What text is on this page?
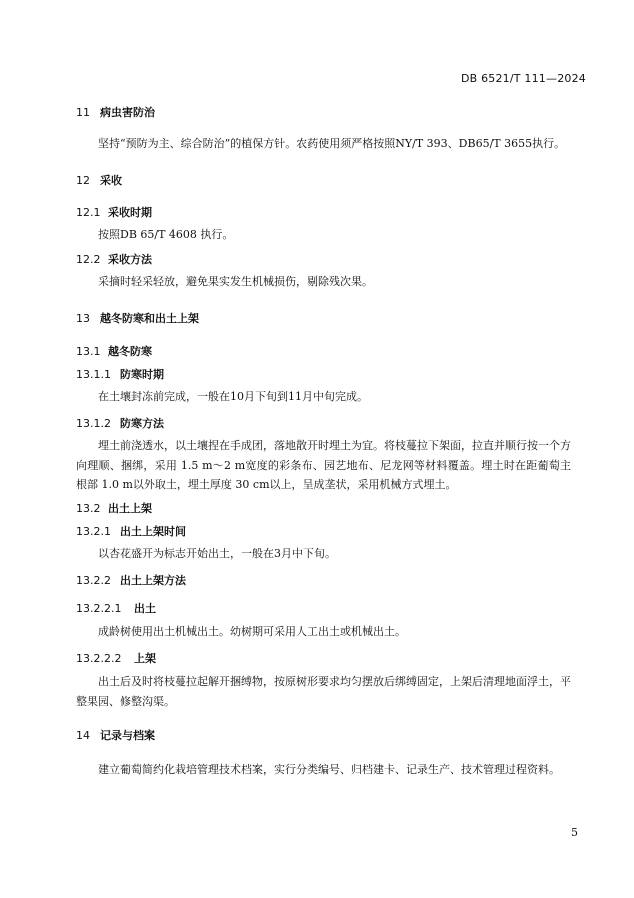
DB 6521/T 111—2024
11 病虫害防治

坚持“预防为主、综合防治”的植保方针。农药使用须严格按照NY/T 393、DB65/T 3655执行。

12 采收
12.1 采收时期

按照DB 65/T 4608 执行。

12.2 采收方法

采摘时轻采轻放，避免果实发生机械损伤，剔除残次果。

13 越冬防寒和出土上架
13.1 越冬防寒
13.1.1 防寒时期

在土壤封冻前完成，一般在10月下旬到11月中旬完成。

13.1.2 防寒方法

埋土前浇透水，以土壤捏在手成团，落地散开时埋土为宜。将枝蔓拉下架面，拉直并顺行按一个方向理顺、捆绑，采用 1.5 m～2 m宽度的彩条布、园艺地布、尼龙网等材料覆盖。埋土时在距葡萄主根部 1.0 m以外取土，埋土厚度 30 cm以上，呈成垄状，采用机械方式埋土。

13.2 出土上架
13.2.1 出土上架时间

以杏花盛开为标志开始出土，一般在3月中下旬。

13.2.2 出土上架方法
13.2.2.1 出土

成龄树使用出土机械出土。幼树期可采用人工出土或机械出土。

13.2.2.2 上架

出土后及时将枝蔓拉起解开捆缚物，按原树形要求均匀摆放后绑缚固定，上架后清理地面浮土，平整果园、修整沟渠。

14 记录与档案

建立葡萄简约化栽培管理技术档案，实行分类编号、归档建卡、记录生产、技术管理过程资料。

5
